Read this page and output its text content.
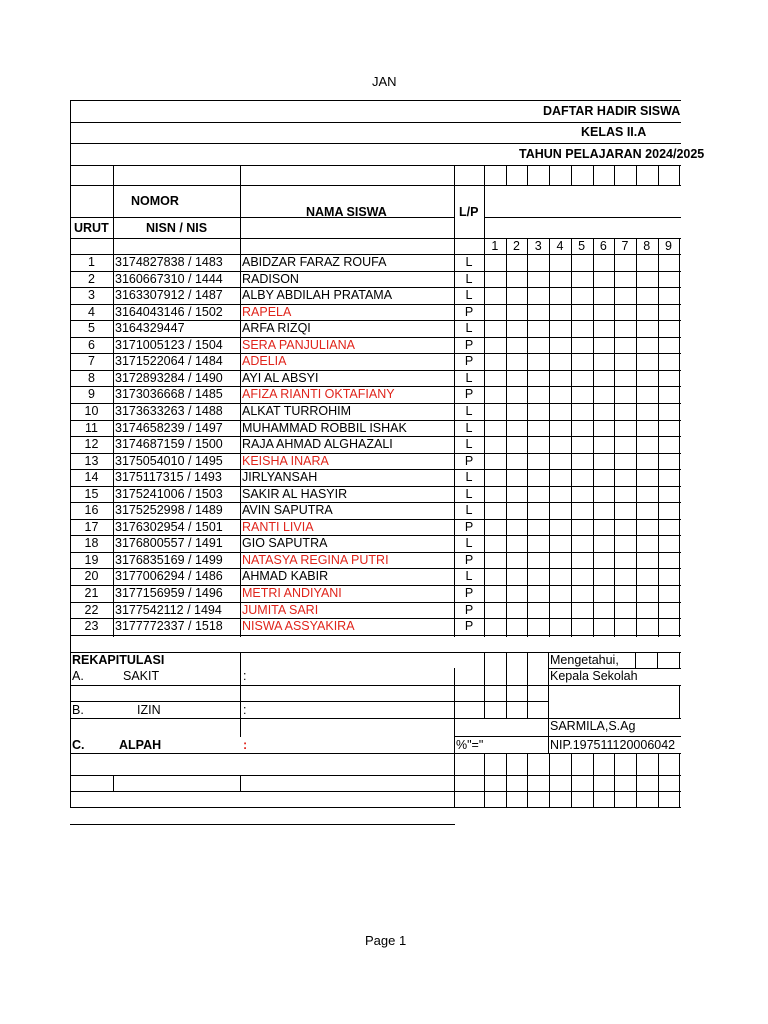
JAN
DAFTAR HADIR SISWA
KELAS II.A
TAHUN PELAJARAN 2024/2025
NOMOR
URUT	NISN / NIS
NAMA SISWA	L/P
1	2	3	4	5	6	7	8	9
1	3174827838 / 1483 ABIDZAR FARAZ ROUFA	L
2	3160667310 / 1444 RADISON	L
3	3163307912 / 1487 ALBY ABDILAH PRATAMA	L
4	3164043146 / 1502 RAPELA	P
5	3164329447	ARFA RIZQI	L
6	3171005123 / 1504 SERA PANJULIANA	P
7	3171522064 / 1484 ADELIA	P
8	3172893284 / 1490 AYI AL ABSYI	L
9	3173036668 / 1485 AFIZA RIANTI OKTAFIANY	P
10	3173633263 / 1488 ALKAT TURROHIM	L
11	3174658239 / 1497 MUHAMMAD ROBBIL ISHAK	L
12	3174687159 / 1500 RAJA AHMAD ALGHAZALI	L
13	3175054010 / 1495 KEISHA INARA	P
14	3175117315 / 1493 JIRLYANSAH	L
15	3175241006 / 1503 SAKIR AL HASYIR	L
16	3175252998 / 1489 AVIN SAPUTRA	L
17	3176302954 / 1501 RANTI LIVIA	P
18	3176800557 / 1491 GIO SAPUTRA	L
19	3176835169 / 1499 NATASYA REGINA PUTRI	P
20	3177006294 / 1486 AHMAD KABIR	L
21	3177156959 / 1496 METRI ANDIYANI	P
22	3177542112 / 1494 JUMITA SARI	P
23	3177772337 / 1518 NISWA ASSYAKIRA	P
REKAPITULASI
A.	SAKIT	:
B.	IZIN	:
C.	ALPAH	:	%"="
Mengetahui,
Kepala Sekolah
SARMILA,S.Ag
NIP.197511120006042
Page 1
